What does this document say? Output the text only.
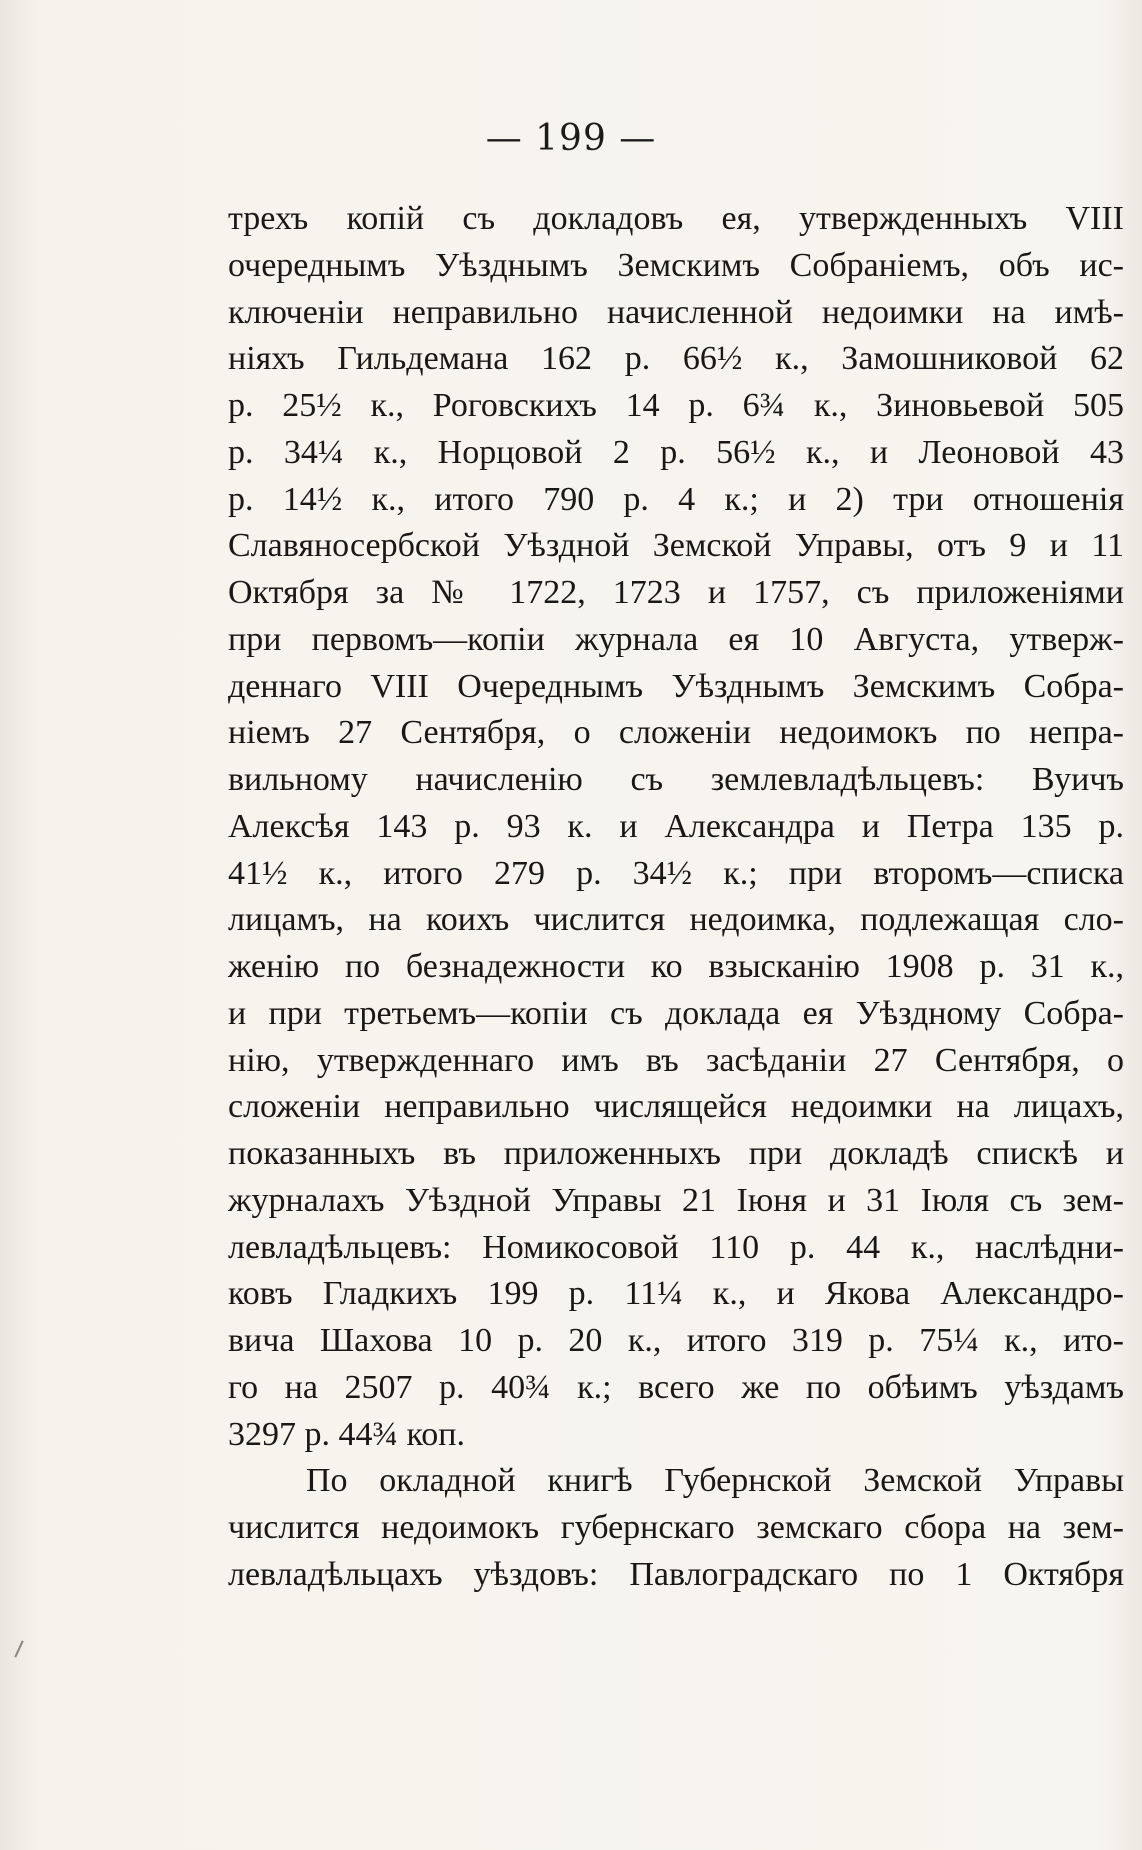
— 199 —
трехъ копій съ докладовъ ея, утвержденныхъ VIII
очереднымъ Уѣзднымъ Земскимъ Собраніемъ, объ ис-
ключеніи неправильно начисленной недоимки на имѣ-
ніяхъ Гильдемана 162 р. 66½ к., Замошниковой 62
р. 25½ к., Роговскихъ 14 р. 6¾ к., Зиновьевой 505
р. 34¼ к., Норцовой 2 р. 56½ к., и Леоновой 43
р. 14½ к., итого 790 р. 4 к.; и 2) три отношенія
Славяносербской Уѣздной Земской Управы, отъ 9 и 11
Октября за № 1722, 1723 и 1757, съ приложеніями
при первомъ—копіи журнала ея 10 Августа, утверж-
деннаго VIII Очереднымъ Уѣзднымъ Земскимъ Собра-
ніемъ 27 Сентября, о сложеніи недоимокъ по непра-
вильному начисленію съ землевладѣльцевъ: Вуичъ
Алексѣя 143 р. 93 к. и Александра и Петра 135 р.
41½ к., итого 279 р. 34½ к.; при второмъ—списка
лицамъ, на коихъ числится недоимка, подлежащая сло-
женію по безнадежности ко взысканію 1908 р. 31 к.,
и при третьемъ—копіи съ доклада ея Уѣздному Собра-
нію, утвержденнаго имъ въ засѣданіи 27 Сентября, о
сложеніи неправильно числящейся недоимки на лицахъ,
показанныхъ въ приложенныхъ при докладѣ спискѣ и
журналахъ Уѣздной Управы 21 Іюня и 31 Іюля съ зем-
левладѣльцевъ: Номикосовой 110 р. 44 к., наслѣдни-
ковъ Гладкихъ 199 р. 11¼ к., и Якова Александро-
вича Шахова 10 р. 20 к., итого 319 р. 75¼ к., ито-
го на 2507 р. 40¾ к.; всего же по обѣимъ уѣздамъ
3297 р. 44¾ коп.
По окладной книгѣ Губернской Земской Управы
числится недоимокъ губернскаго земскаго сбора на зем-
левладѣльцахъ уѣздовъ: Павлоградскаго по 1 Октября
